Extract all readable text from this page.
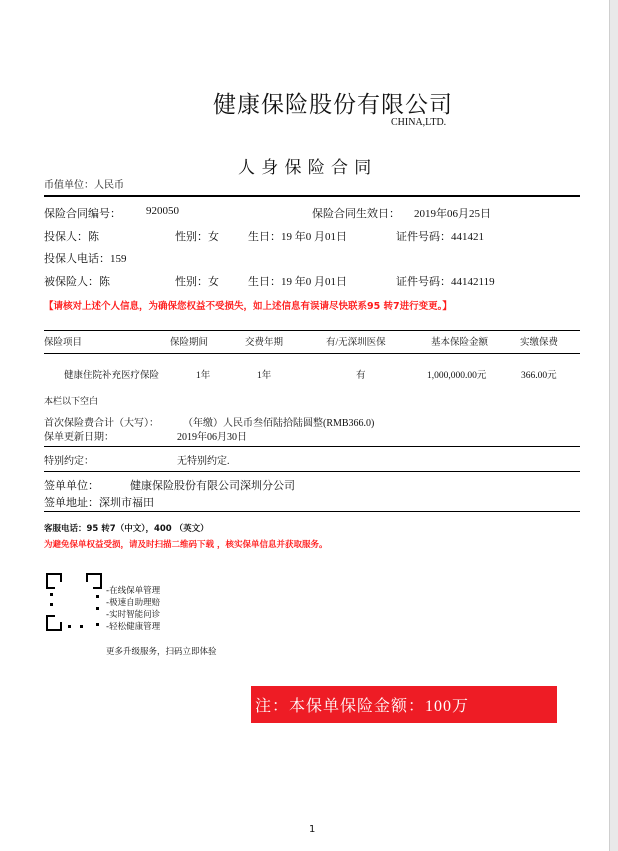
健康保险股份有限公司
CHINA,LTD.
人 身 保 险 合 同
币值单位：人民币
保险合同编号： 920050	保险合同生效日： 2019年06月25日
投保人：陈	性别：女	生日：19 年0 月01日	证件号码：441421
投保人电话：159
被保险人：陈	性别：女	生日：19 年0 月01日	证件号码：44142119
【请核对上述个人信息，为确保您权益不受损失，如上述信息有误请尽快联系95 转7进行变更。】
保险项目	保险期间	交费年期	有/无深圳医保	基本保险金额	实缴保费
健康住院补充医疗保险	1年	1年	有	1,000,000.00元	366.00元
本栏以下空白
首次保险费合计（大写）： （年缴）人民币叁佰陆拾陆圆整(RMB366.0)
保单更新日期：	2019年06月30日
特别约定：	无特别约定.
签单单位：	健康保险股份有限公司深圳分公司
签单地址：深圳市福田
客服电话：95 转7（中文），400 （英文）
为避免保单权益受损，请及时扫描二维码下载 ，核实保单信息并获取服务。
-在线保单管理
-极速自助理赔
-实时智能问诊
-轻松健康管理
更多升级服务，扫码立即体验
注：本保单保险金额：100万
1
